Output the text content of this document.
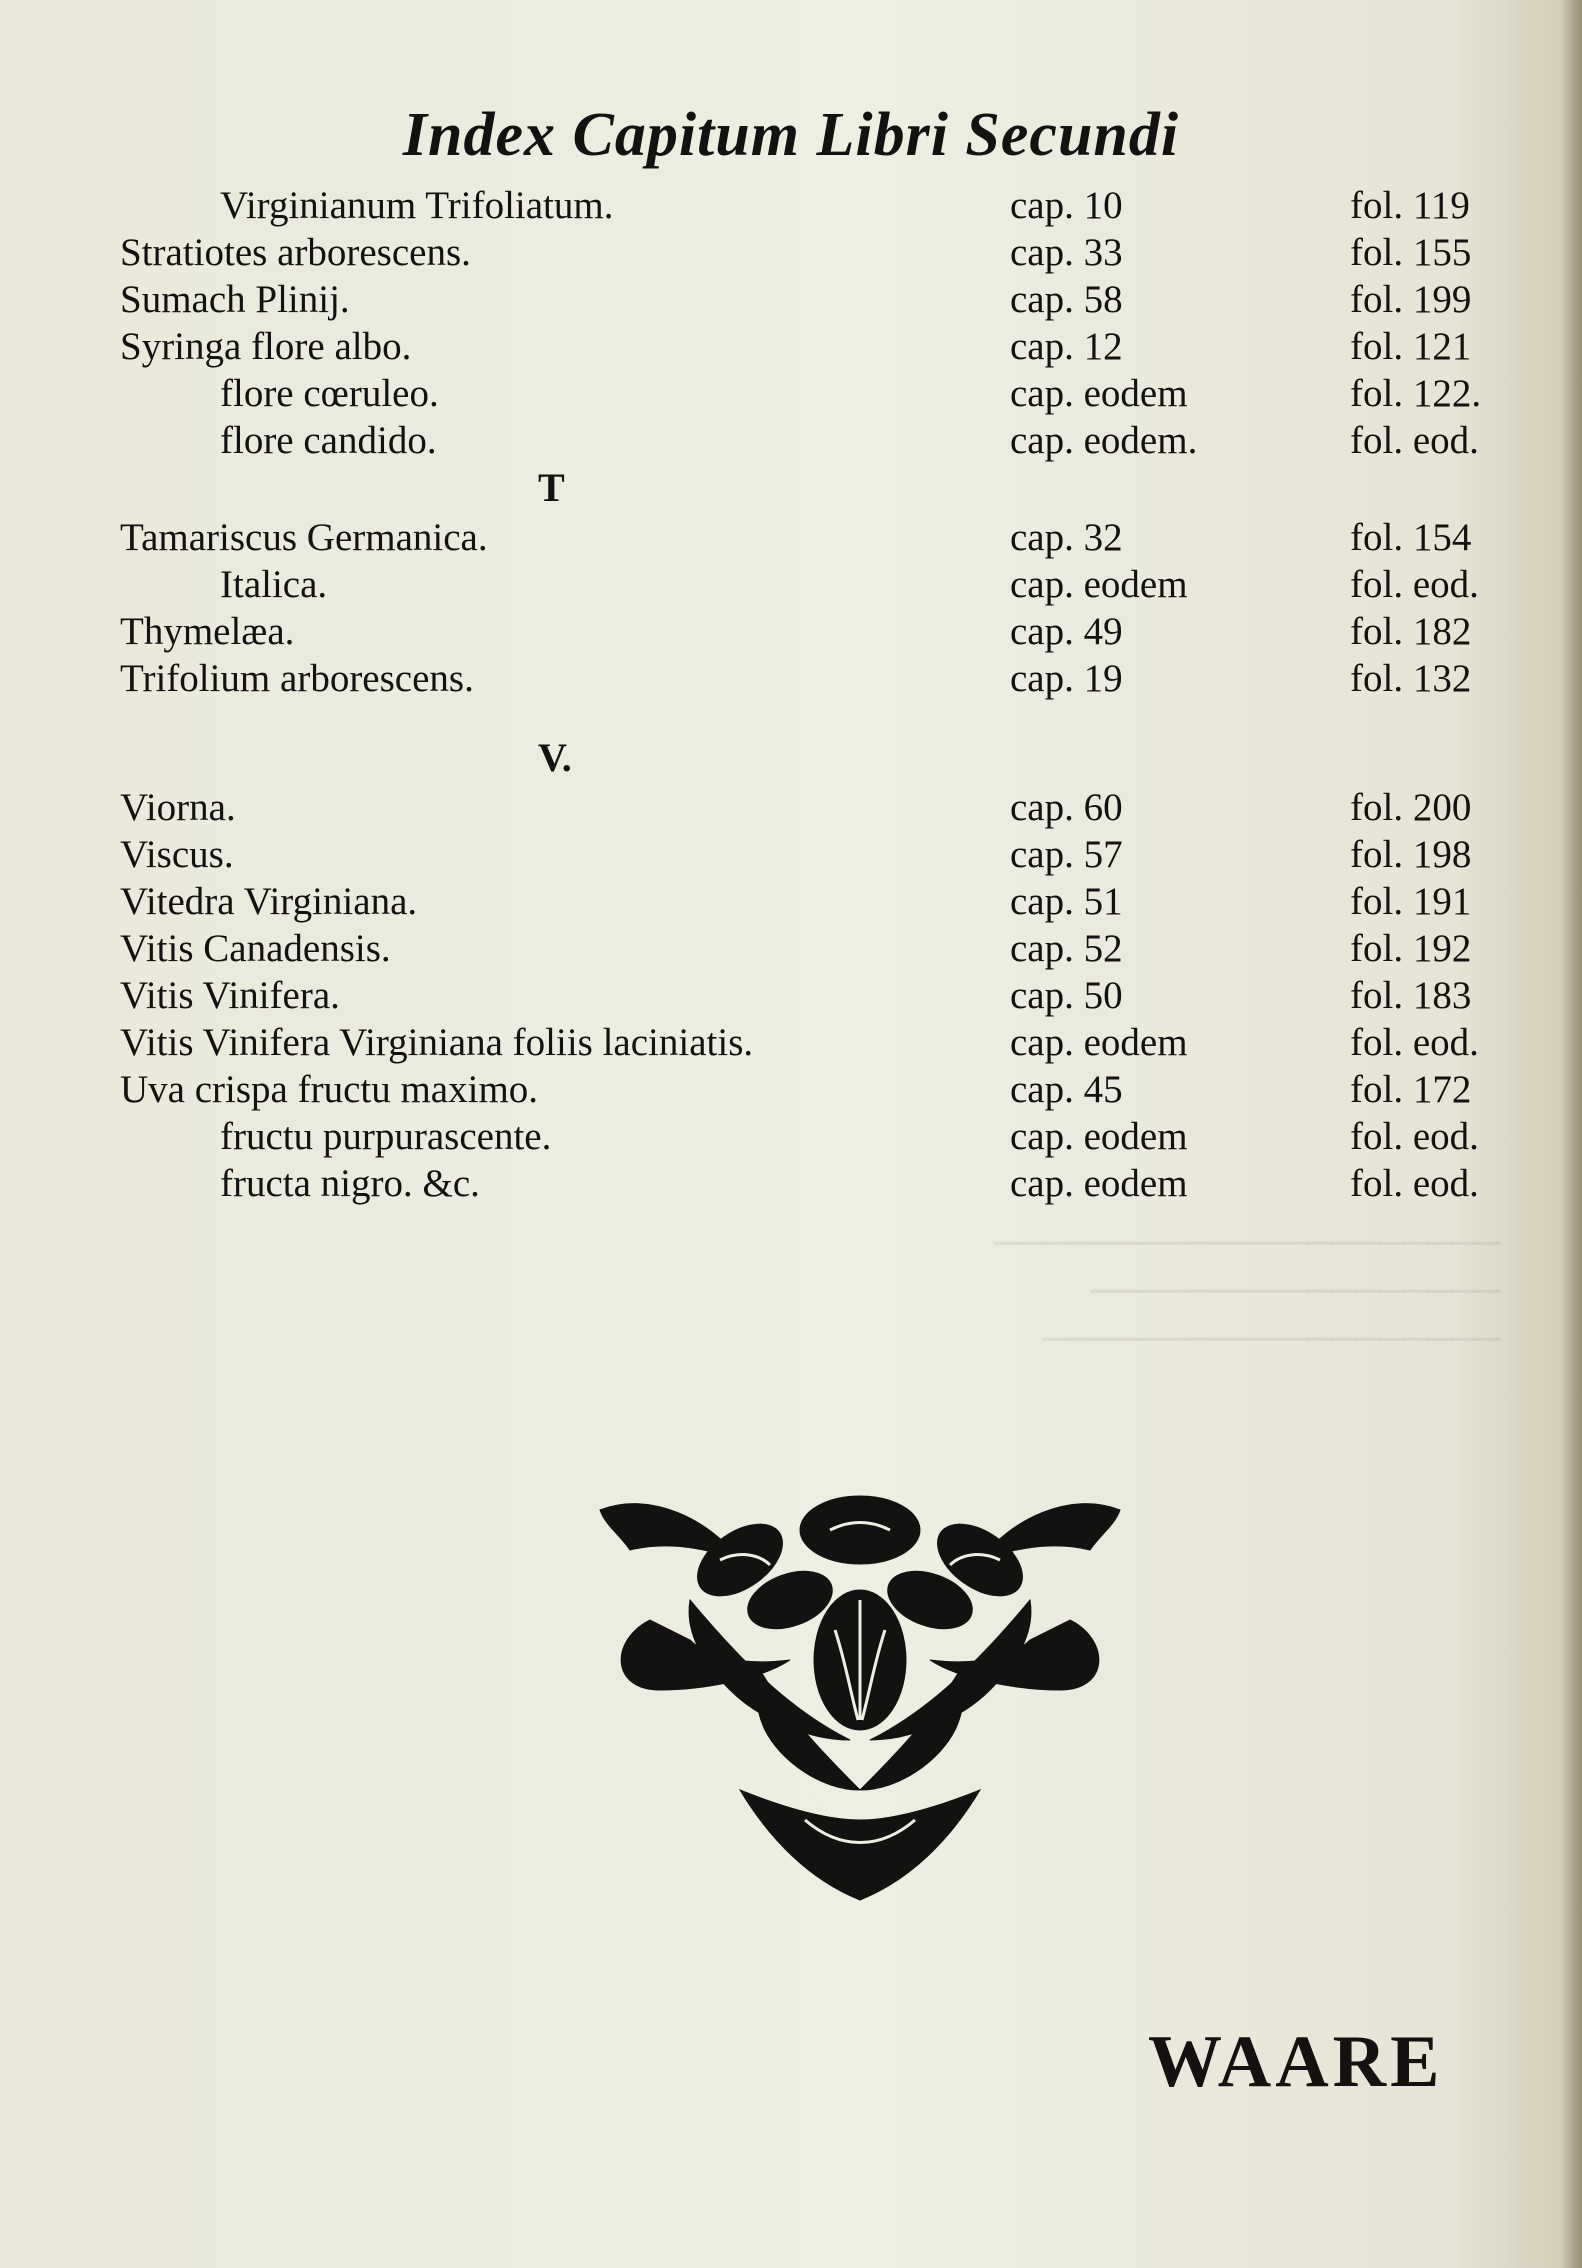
─────────────────────
─────────────────
───────────────────
Index Capitum Libri Secundi
Virginianum Trifoliatum.	cap. 10	fol. 119
Stratiotes arborescens.	cap. 33	fol. 155
Sumach Plinij.	cap. 58	fol. 199
Syringa flore albo.	cap. 12	fol. 121
flore cœruleo.	cap. eodem	fol. 122.
flore candido.	cap. eodem.	fol. eod.
T
Tamariscus Germanica.	cap. 32	fol. 154
Italica.	cap. eodem	fol. eod.
Thymelæa.	cap. 49	fol. 182
Trifolium arborescens.	cap. 19	fol. 132
V.
Viorna.	cap. 60	fol. 200
Viscus.	cap. 57	fol. 198
Vitedra Virginiana.	cap. 51	fol. 191
Vitis Canadensis.	cap. 52	fol. 192
Vitis Vinifera.	cap. 50	fol. 183
Vitis Vinifera Virginiana foliis laciniatis.	cap. eodem	fol. eod.
Uva crispa fructu maximo.	cap. 45	fol. 172
fructu purpurascente.	cap. eodem	fol. eod.
fructa nigro. &c.	cap. eodem	fol. eod.
WAARE
